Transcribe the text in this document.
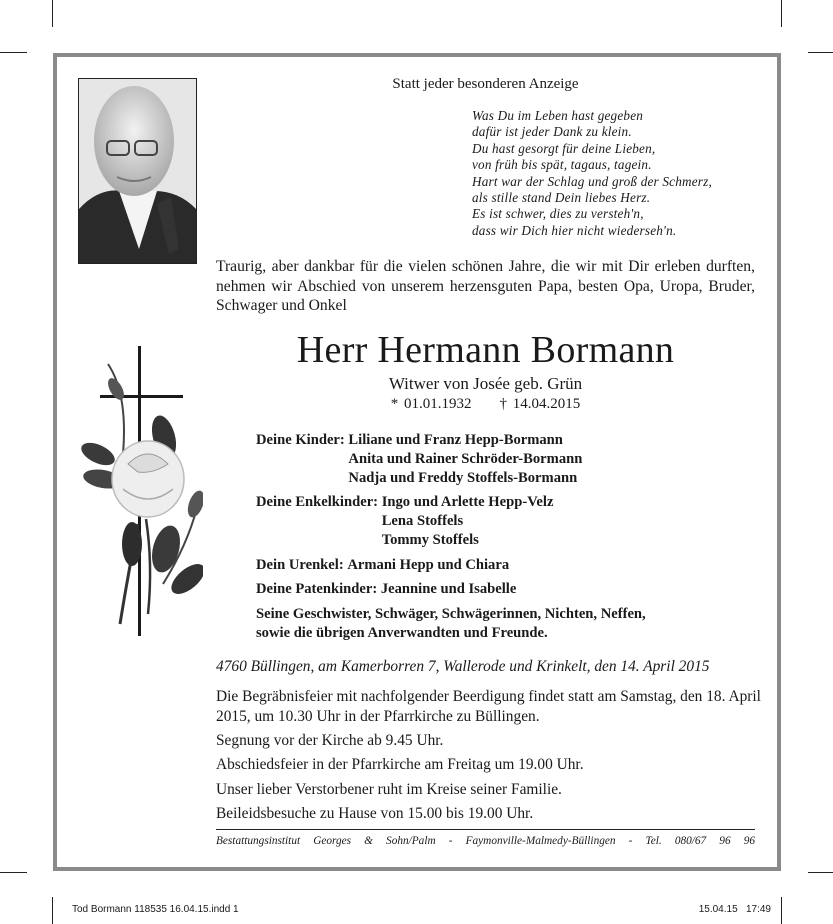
Statt jeder besonderen Anzeige
Was Du im Leben hast gegeben
dafür ist jeder Dank zu klein.
Du hast gesorgt für deine Lieben,
von früh bis spät, tagaus, tagein.
Hart war der Schlag und groß der Schmerz,
als stille stand Dein liebes Herz.
Es ist schwer, dies zu versteh'n,
dass wir Dich hier nicht wiederseh'n.
Traurig, aber dankbar für die vielen schönen Jahre, die wir mit Dir erleben durften, nehmen wir Abschied von unserem herzensguten Papa, besten Opa, Uropa, Bruder, Schwager und Onkel
Herr Hermann Bormann
Witwer von Josée geb. Grün
* 01.01.1932 † 14.04.2015
Deine Kinder: Liliane und Franz Hepp-Bormann
Anita und Rainer Schröder-Bormann
Nadja und Freddy Stoffels-Bormann
Deine Enkelkinder: Ingo und Arlette Hepp-Velz
Lena Stoffels
Tommy Stoffels
Dein Urenkel: Armani Hepp und Chiara
Deine Patenkinder: Jeannine und Isabelle
Seine Geschwister, Schwäger, Schwägerinnen, Nichten, Neffen,
sowie die übrigen Anverwandten und Freunde.
4760 Büllingen, am Kamerborren 7, Wallerode und Krinkelt, den 14. April 2015
Die Begräbnisfeier mit nachfolgender Beerdigung findet statt am Samstag, den 18. April 2015, um 10.30 Uhr in der Pfarrkirche zu Büllingen.
Segnung vor der Kirche ab 9.45 Uhr.
Abschiedsfeier in der Pfarrkirche am Freitag um 19.00 Uhr.
Unser lieber Verstorbener ruht im Kreise seiner Familie.
Beileidsbesuche zu Hause von 15.00 bis 19.00 Uhr.
Bestattungsinstitut Georges & Sohn/Palm - Faymonville-Malmedy-Büllingen - Tel. 080/67 96 96
Tod Bormann 118535 16.04.15.indd 1	15.04.15   17:49
